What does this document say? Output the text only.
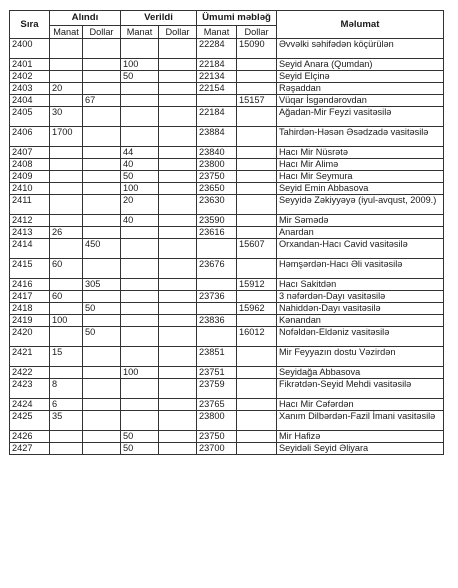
Sıra	Alındı		Verildi		Ümumi məbləğ		Məlumat
	Manat	Dollar	Manat	Dollar	Manat	Dollar	
2400					22284	15090	Əvvəlki səhifədən köçürülən
2401			100		22184		Seyid Anara (Qumdan)
2402			50		22134		Seyid Elçinə
2403	20				22154		Rəşaddan
2404		67				15157	Vüqar İsgəndərovdan
2405	30				22184		Ağadan-Mir Feyzi vasitəsilə
2406	1700				23884		Tahirdən-Həsən Əsədzadə vasitəsilə
2407			44		23840		Hacı Mir Nüsrətə
2408			40		23800		Hacı Mir Alimə
2409			50		23750		Hacı Mir Seymura
2410			100		23650		Seyid Emin Abbasova
2411			20		23630		Seyyidə Zəkiyyəyə (iyul-avqust, 2009.)
2412			40		23590		Mir Səmədə
2413	26				23616		Anardan
2414		450				15607	Orxandan-Hacı Cavid vasitəsilə
2415	60				23676		Həmşərdən-Hacı Əli vasitəsilə
2416		305				15912	Hacı Sakitdən
2417	60				23736		3 nəfərdən-Dayı vasitəsilə
2418		50				15962	Nahiddən-Dayı vasitəsilə
2419	100				23836		Kənandan
2420		50				16012	Nofəldən-Eldəniz vasitəsilə
2421	15				23851		Mir Feyyazın dostu Vəzirdən
2422			100		23751		Seyidağa Abbasova
2423	8				23759		Fikrətdən-Seyid Mehdi vasitəsilə
2424	6				23765		Hacı Mir Cəfərdən
2425	35				23800		Xanım Dilbərdən-Fazil İmani vasitəsilə
2426			50		23750		Mir Hafizə
2427			50		23700		Seyidəli Seyid Əliyara
